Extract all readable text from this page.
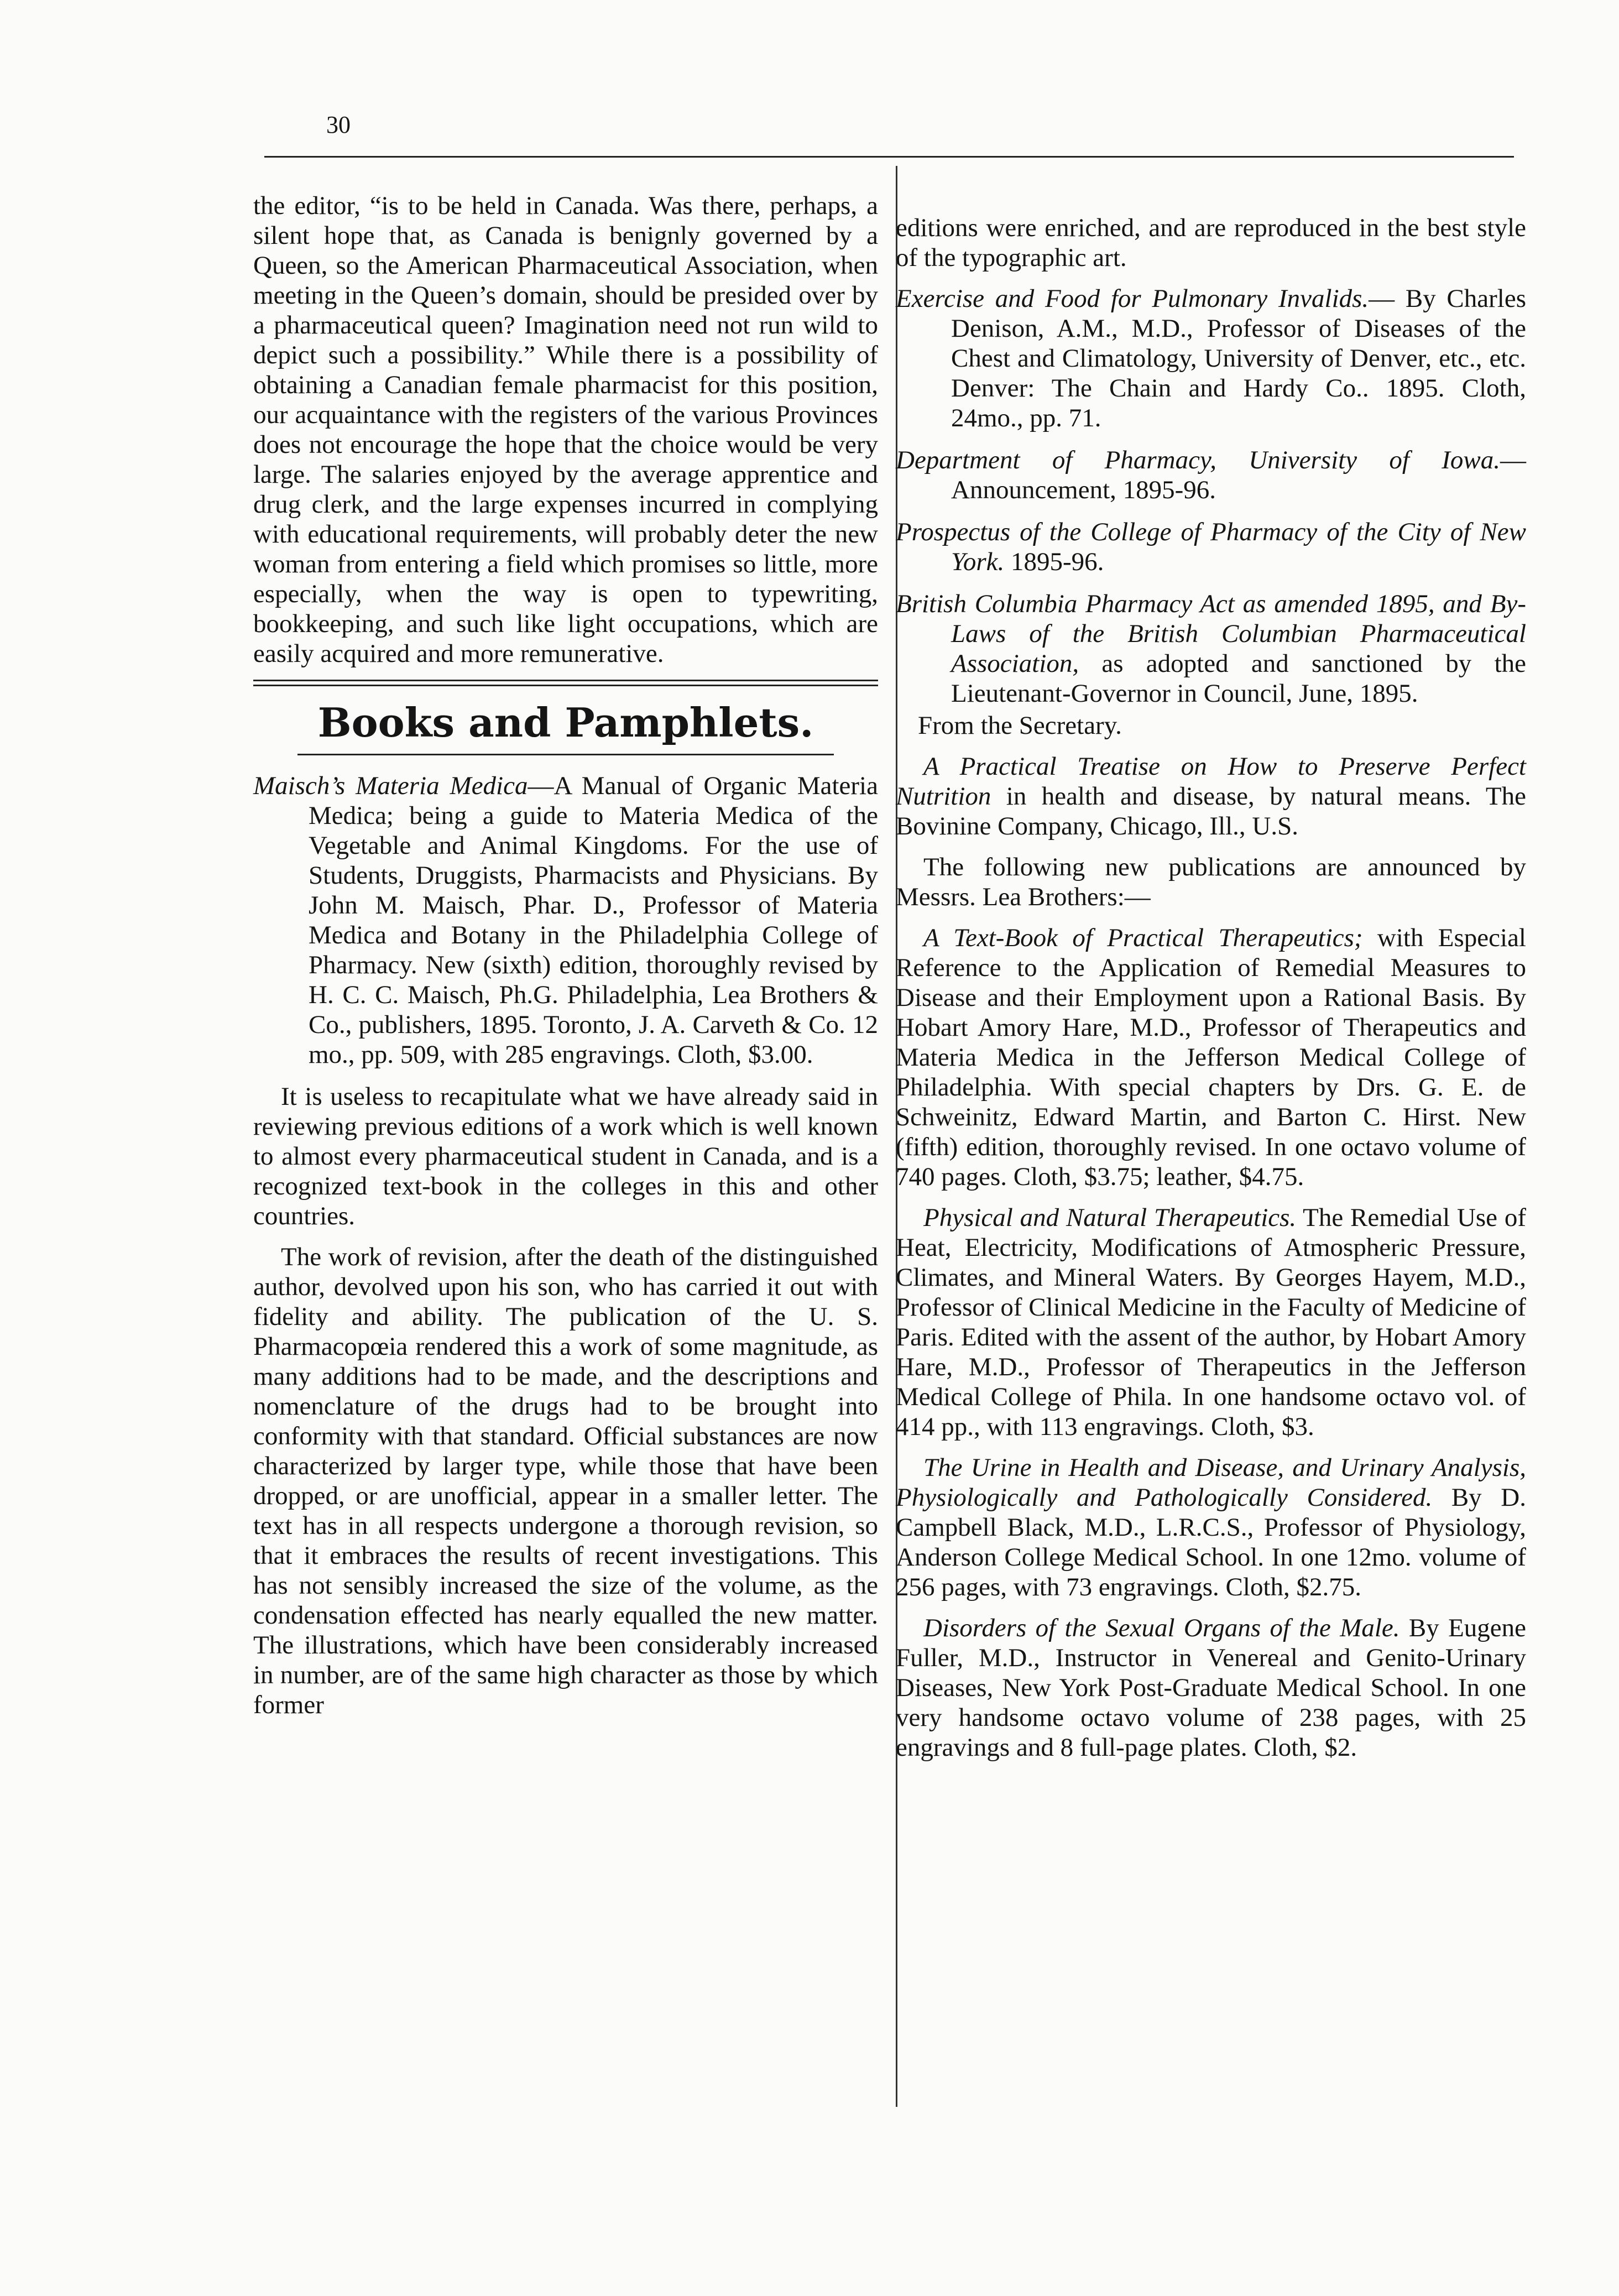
30

the editor, “is to be held in Canada. Was there, perhaps, a silent hope that, as Canada is benignly governed by a Queen, so the American Pharmaceutical Association, when meeting in the Queen’s domain, should be presided over by a pharmaceutical queen? Imagination need not run wild to depict such a possibility.” While there is a possibility of obtaining a Canadian female pharmacist for this position, our acquaintance with the registers of the various Provinces does not encourage the hope that the choice would be very large. The salaries enjoyed by the average apprentice and drug clerk, and the large expenses incurred in complying with educational requirements, will probably deter the new woman from entering a field which promises so little, more especially, when the way is open to typewriting, bookkeeping, and such like light occupations, which are easily acquired and more remunerative.

Books and Pamphlets.

Maisch’s Materia Medica—A Manual of Organic Materia Medica; being a guide to Materia Medica of the Vegetable and Animal Kingdoms. For the use of Students, Druggists, Pharmacists and Physicians. By John M. Maisch, Phar. D., Professor of Materia Medica and Botany in the Philadelphia College of Pharmacy. New (sixth) edition, thoroughly revised by H. C. C. Maisch, Ph.G. Philadelphia, Lea Brothers & Co., publishers, 1895. Toronto, J. A. Carveth & Co. 12 mo., pp. 509, with 285 engravings. Cloth, $3.00.

It is useless to recapitulate what we have already said in reviewing previous editions of a work which is well known to almost every pharmaceutical student in Canada, and is a recognized text-book in the colleges in this and other countries.

The work of revision, after the death of the distinguished author, devolved upon his son, who has carried it out with fidelity and ability. The publication of the U. S. Pharmacopœia rendered this a work of some magnitude, as many additions had to be made, and the descriptions and nomenclature of the drugs had to be brought into conformity with that standard. Official substances are now characterized by larger type, while those that have been dropped, or are unofficial, appear in a smaller letter. The text has in all respects undergone a thorough revision, so that it embraces the results of recent investigations. This has not sensibly increased the size of the volume, as the condensation effected has nearly equalled the new matter. The illustrations, which have been considerably increased in number, are of the same high character as those by which former

editions were enriched, and are reproduced in the best style of the typographic art.

Exercise and Food for Pulmonary Invalids.— By Charles Denison, A.M., M.D., Professor of Diseases of the Chest and Climatology, University of Denver, etc., etc. Denver: The Chain and Hardy Co.. 1895. Cloth, 24mo., pp. 71.

Department of Pharmacy, University of Iowa.— Announcement, 1895-96.

Prospectus of the College of Pharmacy of the City of New York. 1895-96.

British Columbia Pharmacy Act as amended 1895, and By-Laws of the British Columbian Pharmaceutical Association, as adopted and sanctioned by the Lieutenant-Governor in Council, June, 1895.

From the Secretary.

A Practical Treatise on How to Preserve Perfect Nutrition in health and disease, by natural means. The Bovinine Company, Chicago, Ill., U.S.

The following new publications are announced by Messrs. Lea Brothers:—

A Text-Book of Practical Therapeutics; with Especial Reference to the Application of Remedial Measures to Disease and their Employment upon a Rational Basis. By Hobart Amory Hare, M.D., Professor of Therapeutics and Materia Medica in the Jefferson Medical College of Philadelphia. With special chapters by Drs. G. E. de Schweinitz, Edward Martin, and Barton C. Hirst. New (fifth) edition, thoroughly revised. In one octavo volume of 740 pages. Cloth, $3.75; leather, $4.75.

Physical and Natural Therapeutics. The Remedial Use of Heat, Electricity, Modifications of Atmospheric Pressure, Climates, and Mineral Waters. By Georges Hayem, M.D., Professor of Clinical Medicine in the Faculty of Medicine of Paris. Edited with the assent of the author, by Hobart Amory Hare, M.D., Professor of Therapeutics in the Jefferson Medical College of Phila. In one handsome octavo vol. of 414 pp., with 113 engravings. Cloth, $3.

The Urine in Health and Disease, and Urinary Analysis, Physiologically and Pathologically Considered. By D. Campbell Black, M.D., L.R.C.S., Professor of Physiology, Anderson College Medical School. In one 12mo. volume of 256 pages, with 73 engravings. Cloth, $2.75.

Disorders of the Sexual Organs of the Male. By Eugene Fuller, M.D., Instructor in Venereal and Genito-Urinary Diseases, New York Post-Graduate Medical School. In one very handsome octavo volume of 238 pages, with 25 engravings and 8 full-page plates. Cloth, $2.
